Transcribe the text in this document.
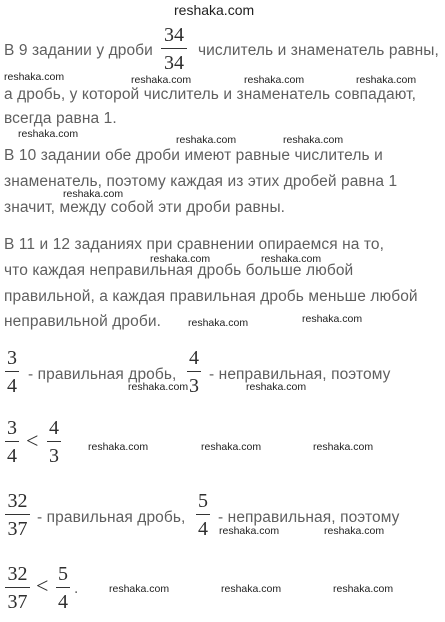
reshaka.com
В 9 задании у дроби
34
34
числитель и знаменатель равны,
reshaka.com	reshaka.com	reshaka.com	reshaka.com
а дробь, у которой числитель и знаменатель совпадают,
всегда равна 1.
reshaka.com	reshaka.com	reshaka.com
В 10 задании обе дроби имеют равные числитель и
знаменатель, поэтому каждая из этих дробей равна 1
reshaka.com
значит, между собой эти дроби равны.
В 11 и 12 заданиях при сравнении опираемся на то,
reshaka.com	reshaka.com
что каждая неправильная дробь больше любой
правильной, а каждая правильная дробь меньше любой
неправильной дроби.	reshaka.com	reshaka.com
3
4
- правильная дробь,
4
3
- неправильная, поэтому
reshaka.com	reshaka.com
3
4
< 4
3	reshaka.com	reshaka.com	reshaka.com
32
37
- правильная дробь,
5
4
- неправильная, поэтому
reshaka.com	reshaka.com
32
37
< 5
4
.	reshaka.com	reshaka.com	reshaka.com
